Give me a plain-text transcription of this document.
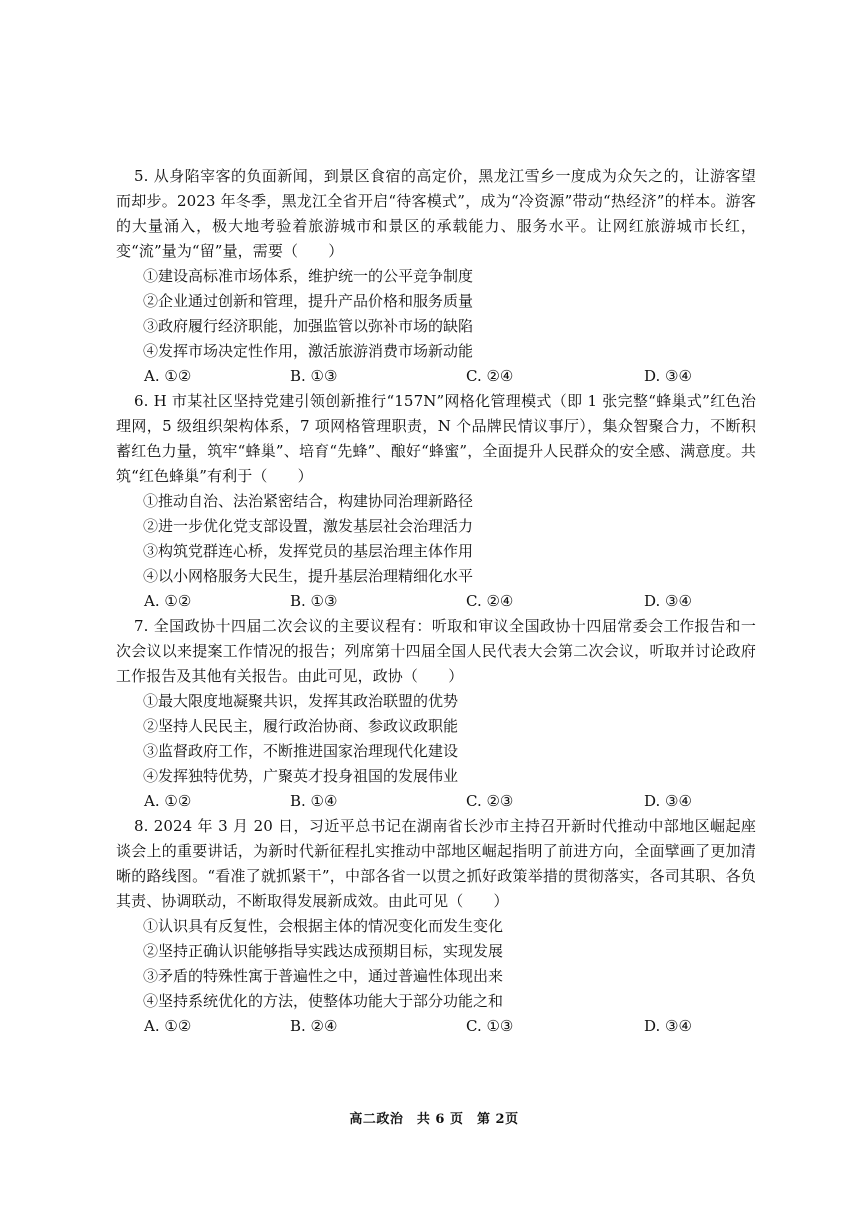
5. 从身陷宰客的负面新闻，到景区食宿的高定价，黑龙江雪乡一度成为众矢之的，让游客望而却步。2023 年冬季，黑龙江全省开启“待客模式”，成为“冷资源”带动“热经济”的样本。游客的大量涌入，极大地考验着旅游城市和景区的承载能力、服务水平。让网红旅游城市长红，变“流”量为“留”量，需要（　　）
①建设高标准市场体系，维护统一的公平竞争制度
②企业通过创新和管理，提升产品价格和服务质量
③政府履行经济职能，加强监管以弥补市场的缺陷
④发挥市场决定性作用，激活旅游消费市场新动能
A. ①②	B. ①③	C. ②④	D. ③④
6. H 市某社区坚持党建引领创新推行“157N”网格化管理模式（即 1 张完整“蜂巢式”红色治理网，5 级组织架构体系，7 项网格管理职责，N 个品牌民情议事厅），集众智聚合力，不断积蓄红色力量，筑牢“蜂巢”、培育“先蜂”、酿好“蜂蜜”，全面提升人民群众的安全感、满意度。共筑“红色蜂巢”有利于（　　）
①推动自治、法治紧密结合，构建协同治理新路径
②进一步优化党支部设置，激发基层社会治理活力
③构筑党群连心桥，发挥党员的基层治理主体作用
④以小网格服务大民生，提升基层治理精细化水平
A. ①②	B. ①③	C. ②④	D. ③④
7. 全国政协十四届二次会议的主要议程有：听取和审议全国政协十四届常委会工作报告和一次会议以来提案工作情况的报告；列席第十四届全国人民代表大会第二次会议，听取并讨论政府工作报告及其他有关报告。由此可见，政协（　　）
①最大限度地凝聚共识，发挥其政治联盟的优势
②坚持人民民主，履行政治协商、参政议政职能
③监督政府工作，不断推进国家治理现代化建设
④发挥独特优势，广聚英才投身祖国的发展伟业
A. ①②	B. ①④	C. ②③	D. ③④
8. 2024 年 3 月 20 日，习近平总书记在湖南省长沙市主持召开新时代推动中部地区崛起座谈会上的重要讲话，为新时代新征程扎实推动中部地区崛起指明了前进方向，全面擘画了更加清晰的路线图。“看准了就抓紧干”，中部各省一以贯之抓好政策举措的贯彻落实，各司其职、各负其责、协调联动，不断取得发展新成效。由此可见（　　）
①认识具有反复性，会根据主体的情况变化而发生变化
②坚持正确认识能够指导实践达成预期目标，实现发展
③矛盾的特殊性寓于普遍性之中，通过普遍性体现出来
④坚持系统优化的方法，使整体功能大于部分功能之和
A. ①②	B. ②④	C. ①③	D. ③④
高二政治　共 6 页　第 2页
